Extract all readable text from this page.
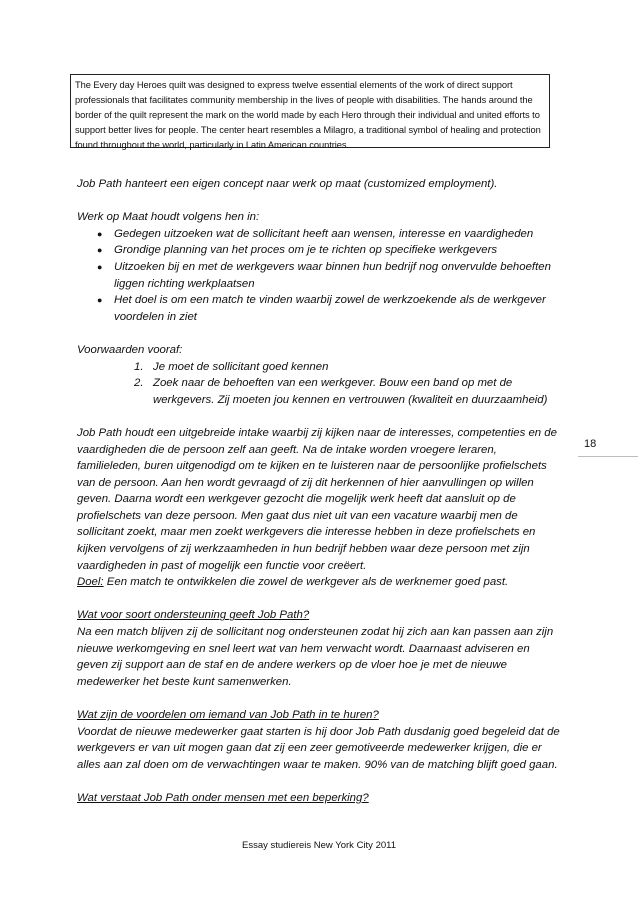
The Every day Heroes quilt was designed to express twelve essential elements of the work of direct support professionals that facilitates community membership in the lives of people with disabilities. The hands around the border of the quilt represent the mark on the world made by each Hero through their individual and united efforts to support better lives for people. The center heart resembles a Milagro, a traditional symbol of healing and protection found throughout the world, particularly in Latin American countries.

Job Path hanteert een eigen concept naar werk op maat (customized employment).

Werk op Maat houdt volgens hen in:

● Gedegen uitzoeken wat de sollicitant heeft aan wensen, interesse en vaardigheden
● Grondige planning van het proces om je te richten op specifieke werkgevers
● Uitzoeken bij en met de werkgevers waar binnen hun bedrijf nog onvervulde behoeften liggen richting werkplaatsen
● Het doel is om een match te vinden waarbij zowel de werkzoekende als de werkgever voordelen in ziet

Voorwaarden vooraf:

1. Je moet de sollicitant goed kennen
2. Zoek naar de behoeften van een werkgever. Bouw een band op met de werkgevers. Zij moeten jou kennen en vertrouwen (kwaliteit en duurzaamheid)

Job Path houdt een uitgebreide intake waarbij zij kijken naar de interesses, competenties en de vaardigheden die de persoon zelf aan geeft. Na de intake worden vroegere leraren, familieleden, buren uitgenodigd om te kijken en te luisteren naar de persoonlijke profielschets van de persoon. Aan hen wordt gevraagd of zij dit herkennen of hier aanvullingen op willen geven. Daarna wordt een werkgever gezocht die mogelijk werk heeft dat aansluit op de profielschets van deze persoon. Men gaat dus niet uit van een vacature waarbij men de sollicitant zoekt, maar men zoekt werkgevers die interesse hebben in deze profielschets en kijken vervolgens of zij werkzaamheden in hun bedrijf hebben waar deze persoon met zijn vaardigheden in past of mogelijk een functie voor creëert.

Doel: Een match te ontwikkelen die zowel de werkgever als de werknemer goed past.

Wat voor soort ondersteuning geeft Job Path?

Na een match blijven zij de sollicitant nog ondersteunen zodat hij zich aan kan passen aan zijn nieuwe werkomgeving en snel leert wat van hem verwacht wordt. Daarnaast adviseren en geven zij support aan de staf en de andere werkers op de vloer hoe je met de nieuwe medewerker het beste kunt samenwerken.

Wat zijn de voordelen om iemand van Job Path in te huren?

Voordat de nieuwe medewerker gaat starten is hij door Job Path dusdanig goed begeleid dat de werkgevers er van uit mogen gaan dat zij een zeer gemotiveerde medewerker krijgen, die er alles aan zal doen om de verwachtingen waar te maken. 90% van de matching blijft goed gaan.

Wat verstaat Job Path onder mensen met een beperking?

18
Essay studiereis New York City 2011
